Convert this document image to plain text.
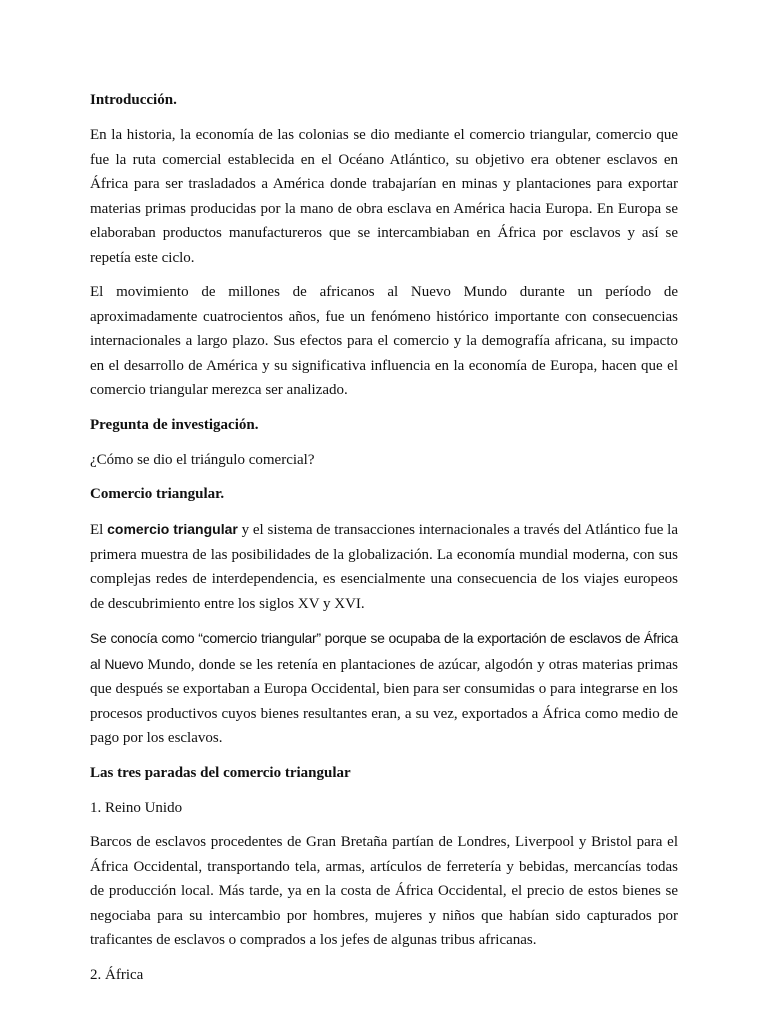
Introducción.

En la historia, la economía de las colonias se dio mediante el comercio triangular, comercio que fue la ruta comercial establecida en el Océano Atlántico, su objetivo era obtener esclavos en África para ser trasladados a América donde trabajarían en minas y plantaciones para exportar materias primas producidas por la mano de obra esclava en América hacia Europa. En Europa se elaboraban productos manufactureros que se intercambiaban en África por esclavos y así se repetía este ciclo.

El movimiento de millones de africanos al Nuevo Mundo durante un período de aproximadamente cuatrocientos años, fue un fenómeno histórico importante con consecuencias internacionales a largo plazo. Sus efectos para el comercio y la demografía africana, su impacto en el desarrollo de América y su significativa influencia en la economía de Europa, hacen que el comercio triangular merezca ser analizado.

Pregunta de investigación.

¿Cómo se dio el triángulo comercial?

Comercio triangular.

El comercio triangular y el sistema de transacciones internacionales a través del Atlántico fue la primera muestra de las posibilidades de la globalización. La economía mundial moderna, con sus complejas redes de interdependencia, es esencialmente una consecuencia de los viajes europeos de descubrimiento entre los siglos XV y XVI.

Se conocía como “comercio triangular” porque se ocupaba de la exportación de esclavos de África al Nuevo Mundo, donde se les retenía en plantaciones de azúcar, algodón y otras materias primas que después se exportaban a Europa Occidental, bien para ser consumidas o para integrarse en los procesos productivos cuyos bienes resultantes eran, a su vez, exportados a África como medio de pago por los esclavos.

Las tres paradas del comercio triangular

1. Reino Unido

Barcos de esclavos procedentes de Gran Bretaña partían de Londres, Liverpool y Bristol para el África Occidental, transportando tela, armas, artículos de ferretería y bebidas, mercancías todas de producción local. Más tarde, ya en la costa de África Occidental, el precio de estos bienes se negociaba para su intercambio por hombres, mujeres y niños que habían sido capturados por traficantes de esclavos o comprados a los jefes de algunas tribus africanas.

2. África
